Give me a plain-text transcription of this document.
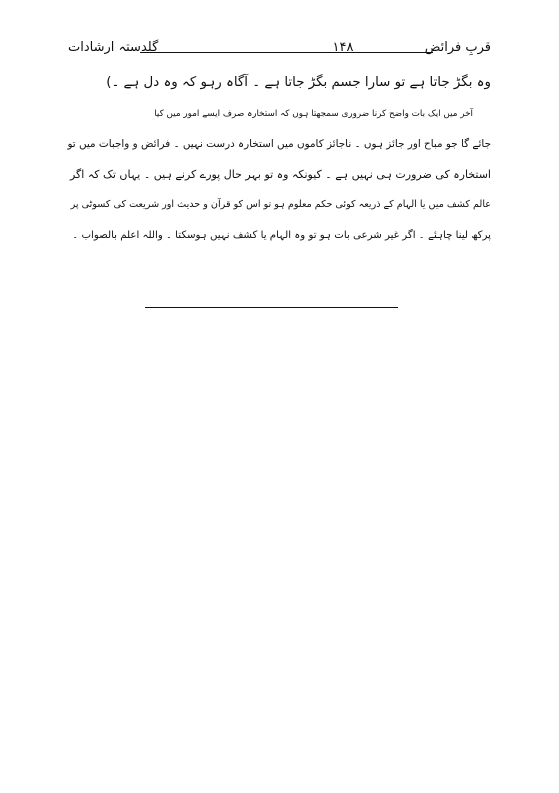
قربِ فرائض
۱۴۸
گلدستہ ارشادات
وہ بگڑ جاتا ہے تو سارا جسم بگڑ جاتا ہے ۔ آگاہ رہو کہ وہ دل ہے ۔)
آخر میں ایک بات واضح کرنا ضروری سمجھتا ہوں کہ استخارہ صرف ایسے امور میں کیا
جائے گا جو مباح اور جائز ہوں ۔ ناجائز کاموں میں استخارہ درست نہیں ۔ فرائض و واجبات میں تو
استخارہ کی ضرورت ہی نہیں ہے ۔ کیونکہ وہ تو بہر حال پورے کرنے ہیں ۔ یہاں تک کہ اگر
عالم کشف میں یا الہام کے ذریعہ کوئی حکم معلوم ہو تو اس کو قرآن و حدیث اور شریعت کی کسوٹی پر
پرکھ لینا چاہئے ۔ اگر غیر شرعی بات ہو تو وہ الہام یا کشف نہیں ہوسکتا ۔ واللہ اعلم بالصواب ۔
